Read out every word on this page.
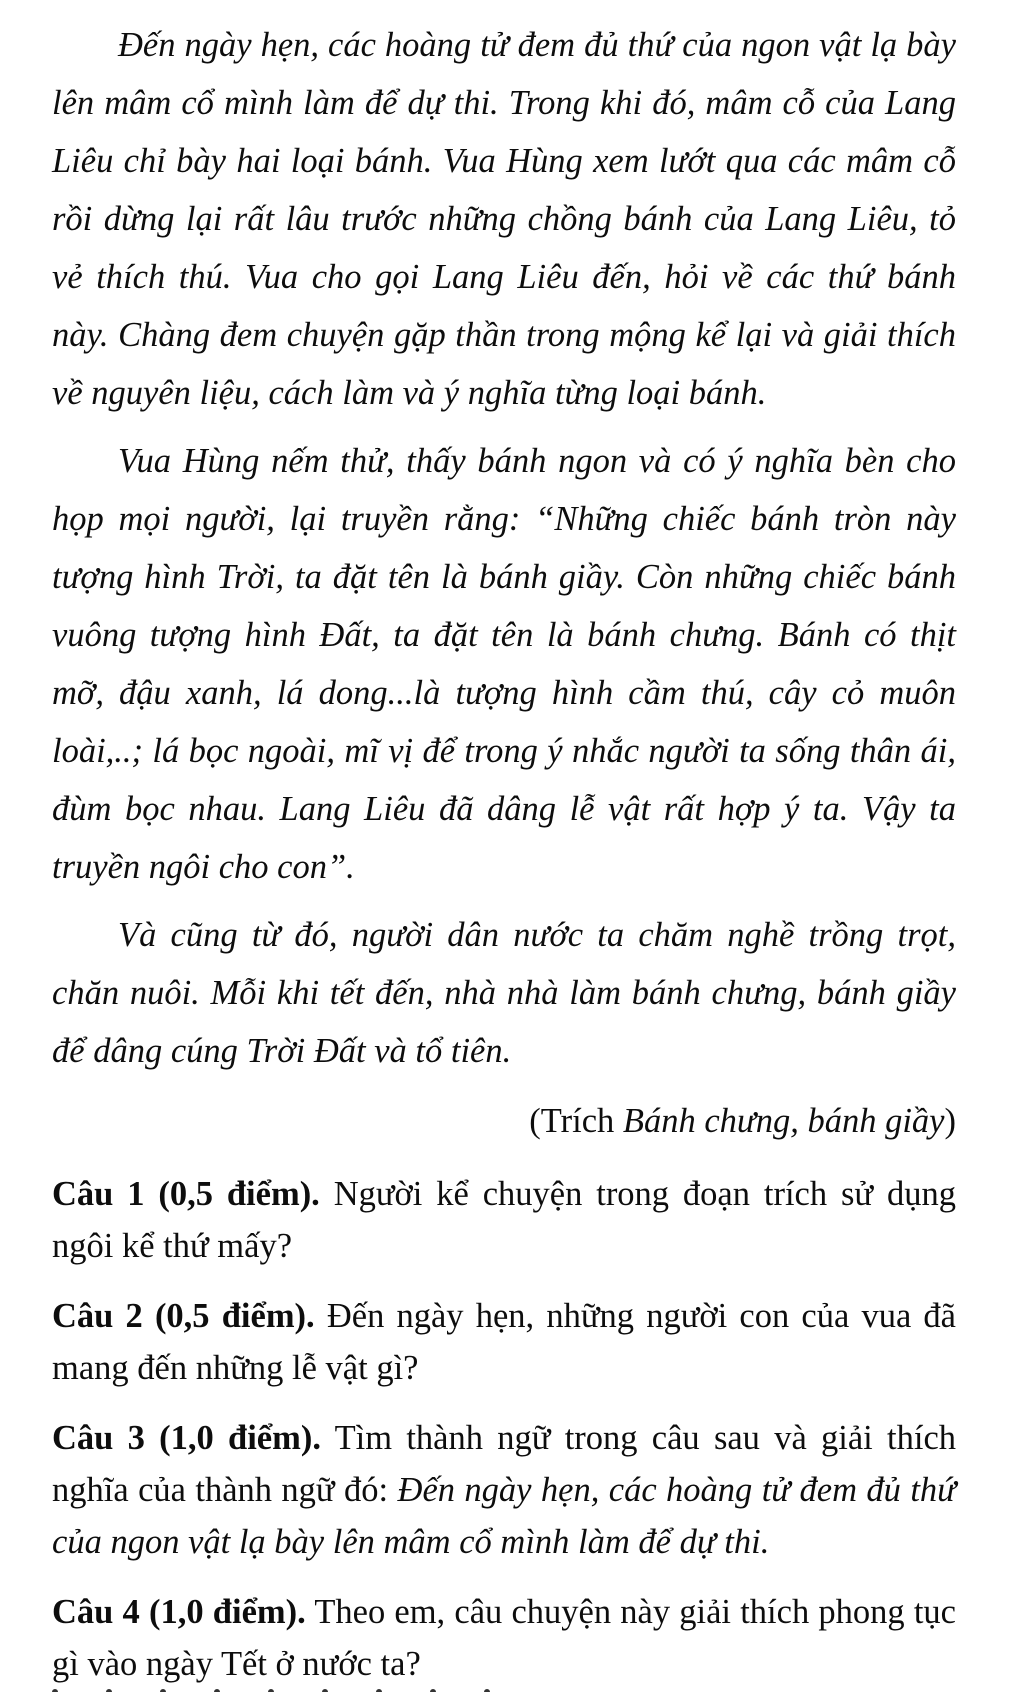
Đến ngày hẹn, các hoàng tử đem đủ thứ của ngon vật lạ bày lên mâm cổ mình làm để dự thi. Trong khi đó, mâm cỗ của Lang Liêu chỉ bày hai loại bánh. Vua Hùng xem lướt qua các mâm cỗ rồi dừng lại rất lâu trước những chồng bánh của Lang Liêu, tỏ vẻ thích thú. Vua cho gọi Lang Liêu đến, hỏi về các thứ bánh này. Chàng đem chuyện gặp thần trong mộng kể lại và giải thích về nguyên liệu, cách làm và ý nghĩa từng loại bánh.

Vua Hùng nếm thử, thấy bánh ngon và có ý nghĩa bèn cho họp mọi người, lại truyền rằng: “Những chiếc bánh tròn này tượng hình Trời, ta đặt tên là bánh giầy. Còn những chiếc bánh vuông tượng hình Đất, ta đặt tên là bánh chưng. Bánh có thịt mỡ, đậu xanh, lá dong...là tượng hình cầm thú, cây cỏ muôn loài,..; lá bọc ngoài, mĩ vị để trong ý nhắc người ta sống thân ái, đùm bọc nhau. Lang Liêu đã dâng lễ vật rất hợp ý ta. Vậy ta truyền ngôi cho con”.

Và cũng từ đó, người dân nước ta chăm nghề trồng trọt, chăn nuôi. Mỗi khi tết đến, nhà nhà làm bánh chưng, bánh giầy để dâng cúng Trời Đất và tổ tiên.

(Trích Bánh chưng, bánh giầy)

Câu 1 (0,5 điểm). Người kể chuyện trong đoạn trích sử dụng ngôi kể thứ mấy?

Câu 2 (0,5 điểm). Đến ngày hẹn, những người con của vua đã mang đến những lễ vật gì?

Câu 3 (1,0 điểm). Tìm thành ngữ trong câu sau và giải thích nghĩa của thành ngữ đó: Đến ngày hẹn, các hoàng tử đem đủ thứ của ngon vật lạ bày lên mâm cổ mình làm để dự thi.

Câu 4 (1,0 điểm). Theo em, câu chuyện này giải thích phong tục gì vào ngày Tết ở nước ta?
